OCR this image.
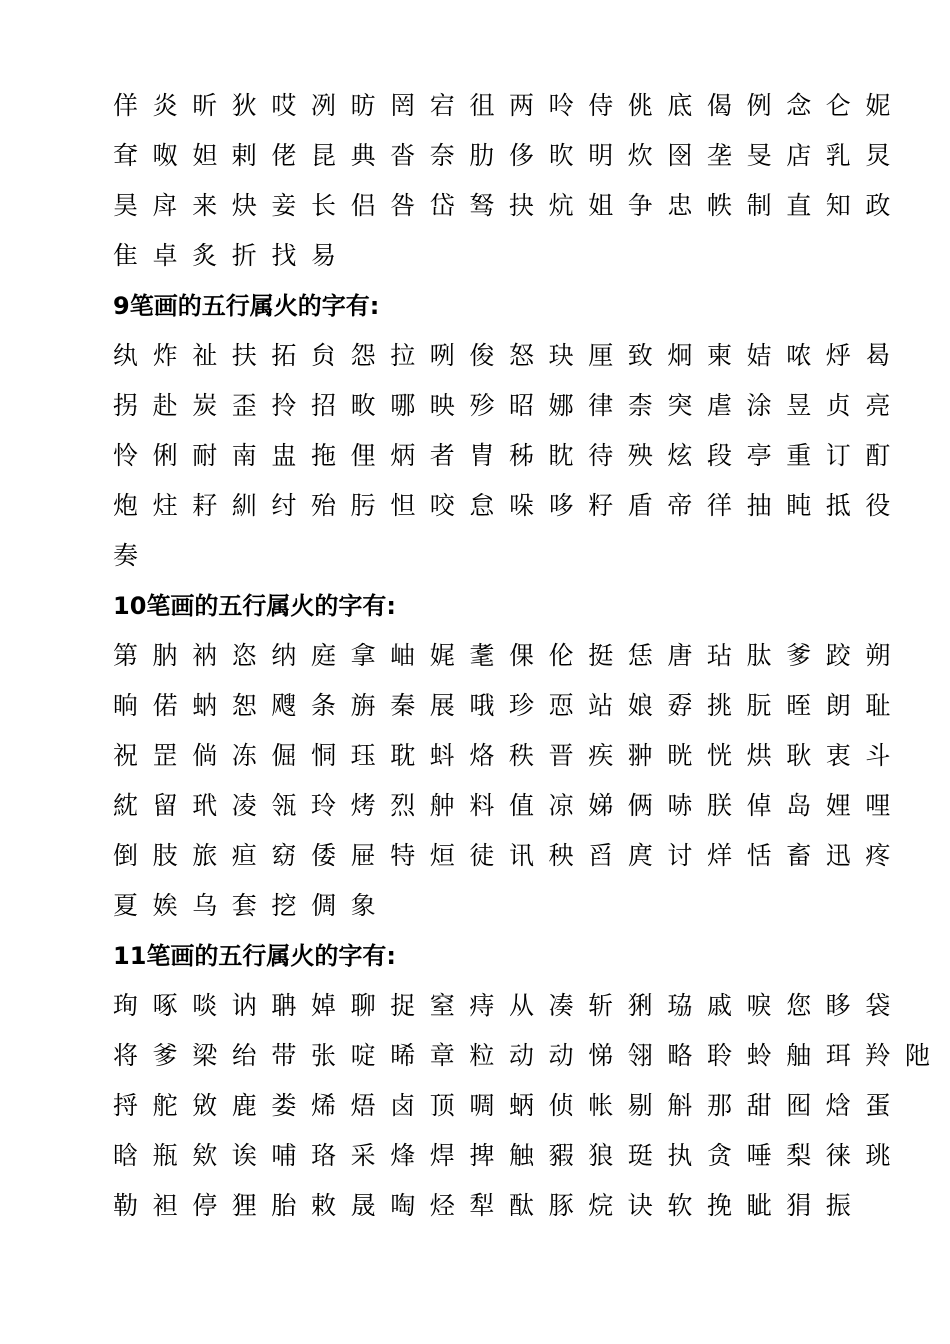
佯炎昕狄哎冽昉罔宕徂两呤侍佻底偈例念仑妮
耷呶妲剌佬昆典沓奈肋侈欥明炊囹垄旻店乳炅
昊戽来炔妾长侣咎岱驽抉炕姐争忠帙制直知政
隹卓炙折找易
9笔画的五行属火的字有:
纨炸祉扶拓贠怨拉咧俊怒玦厘致炯柬姞哝烀曷
拐赴炭歪拎招畋哪映殄昭娜律柰突虐涂昱贞亮
怜俐耐南盅拖俚炳者胄秭眈待殃炫段亭重订酊
炮炷耔紃纣殆肟怛咬怠哚哆籽盾帝徉抽盹抵役
奏
10笔画的五行属火的字有:
第肭衲恣纳庭拿岫娓耄倮伦挺恁唐玷肽爹跤朔
晌偌蚋恕飕条旃秦展哦珍恧站娘孬挑朊晊朗耻
祝罡倘冻倔恫珏耽蚪烙秩晋疾翀晄恍烘耿衷斗
紞留玳凌瓴玲烤烈舯料值凉娣俩哧朕倬岛娌哩
倒肢旅疸窈倭屉特烜徒讯秧舀庹讨烊恬畜迅疼
夏娭乌套挖倜象
11笔画的五行属火的字有:
珣啄啖讷聃婥聊捉窒痔从凑斩猁珕戚唳您眵袋
将爹梁绐带张啶晞章粒动动悌翎略聆蛉舳珥羚阤
捋舵敓鹿娄烯焐卤顶啁蛃侦帐剔斛那甜囮焓蛋
晗瓶欸诶哺珞采烽焊捭触豭狼珽执贪唾梨徕珧
勒袒停狸胎敕晟啕烃犁酞豚烷诀软挽眦狷振
